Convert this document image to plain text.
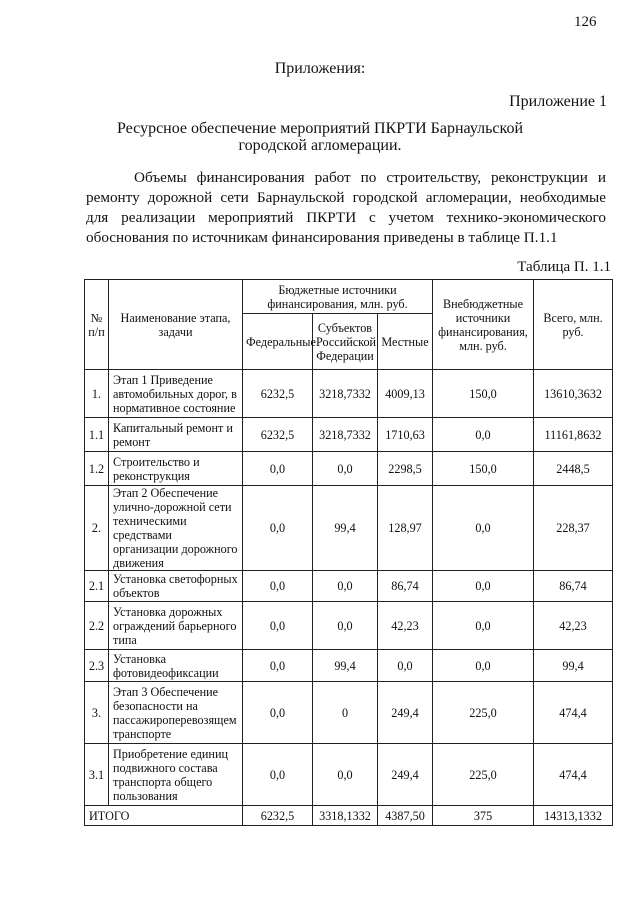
126
Приложения:
Приложение 1
Ресурсное обеспечение мероприятий ПКРТИ Барнаульской городской агломерации.
Объемы финансирования работ по строительству, реконструкции и ремонту дорожной сети Барнаульской городской агломерации, необходимые для реализации мероприятий ПКРТИ с учетом технико-экономического обоснования по источникам финансирования приведены в таблице П.1.1
Таблица П. 1.1
№ п/п	Наименование этапа, задачи	Бюджетные источники финансирования, млн. руб.			Внебюджетные источники финансирования, млн. руб.	Всего, млн. руб.
		Федеральные	Субъектов Российской Федерации	Местные		
1.	Этап 1 Приведение автомобильных дорог, в нормативное состояние	6232,5	3218,7332	4009,13	150,0	13610,3632
1.1	Капитальный ремонт и ремонт	6232,5	3218,7332	1710,63	0,0	11161,8632
1.2	Строительство и реконструкция	0,0	0,0	2298,5	150,0	2448,5
2.	Этап 2 Обеспечение улично-дорожной сети техническими средствами организации дорожного движения	0,0	99,4	128,97	0,0	228,37
2.1	Установка светофорных объектов	0,0	0,0	86,74	0,0	86,74
2.2	Установка дорожных ограждений барьерного типа	0,0	0,0	42,23	0,0	42,23
2.3	Установка фотовидеофиксации	0,0	99,4	0,0	0,0	99,4
3.	Этап 3 Обеспечение безопасности на пассажироперевозящем транспорте	0,0	0	249,4	225,0	474,4
3.1	Приобретение единиц подвижного состава транспорта общего пользования	0,0	0,0	249,4	225,0	474,4
ИТОГО		6232,5	3318,1332	4387,50	375	14313,1332
